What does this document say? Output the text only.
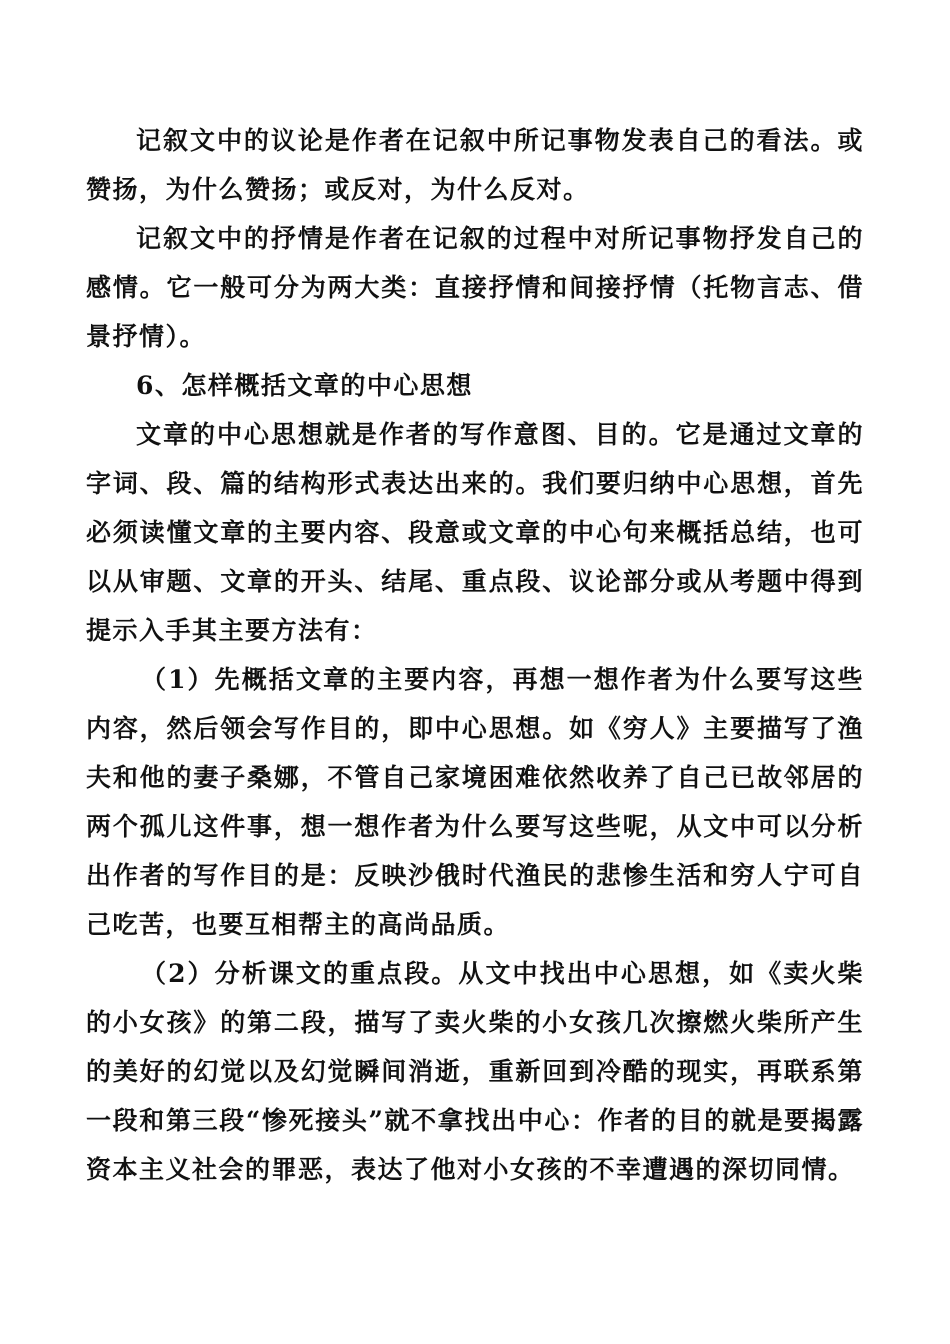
记叙文中的议论是作者在记叙中所记事物发表自己的看法。或赞扬，为什么赞扬；或反对，为什么反对。

记叙文中的抒情是作者在记叙的过程中对所记事物抒发自己的感情。它一般可分为两大类：直接抒情和间接抒情（托物言志、借景抒情）。

6、怎样概括文章的中心思想

文章的中心思想就是作者的写作意图、目的。它是通过文章的字词、段、篇的结构形式表达出来的。我们要归纳中心思想，首先必须读懂文章的主要内容、段意或文章的中心句来概括总结，也可以从审题、文章的开头、结尾、重点段、议论部分或从考题中得到提示入手其主要方法有：

（1）先概括文章的主要内容，再想一想作者为什么要写这些内容，然后领会写作目的，即中心思想。如《穷人》主要描写了渔夫和他的妻子桑娜，不管自己家境困难依然收养了自己已故邻居的两个孤儿这件事，想一想作者为什么要写这些呢，从文中可以分析出作者的写作目的是：反映沙俄时代渔民的悲惨生活和穷人宁可自己吃苦，也要互相帮主的高尚品质。

（2）分析课文的重点段。从文中找出中心思想，如《卖火柴的小女孩》的第二段，描写了卖火柴的小女孩几次擦燃火柴所产生的美好的幻觉以及幻觉瞬间消逝，重新回到冷酷的现实，再联系第一段和第三段“惨死接头”就不拿找出中心：作者的目的就是要揭露资本主义社会的罪恶，表达了他对小女孩的不幸遭遇的深切同情。
